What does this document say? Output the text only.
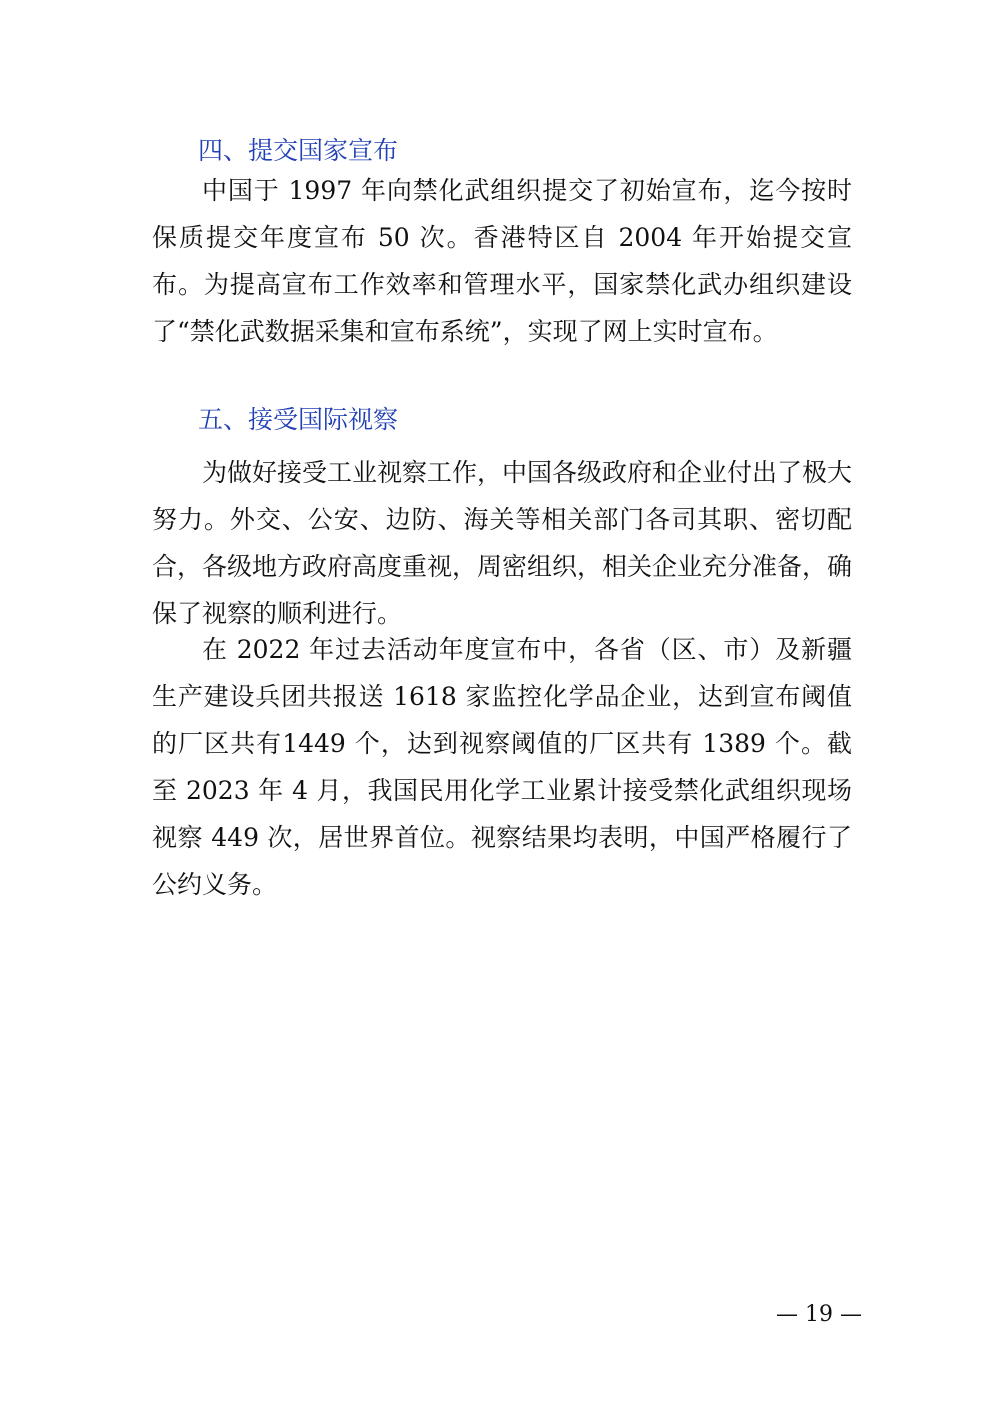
四、提交国家宣布

中国于 1997 年向禁化武组织提交了初始宣布，迄今按时保质提交年度宣布 50 次。香港特区自 2004 年开始提交宣布。为提高宣布工作效率和管理水平，国家禁化武办组织建设了“禁化武数据采集和宣布系统”，实现了网上实时宣布。

五、接受国际视察

为做好接受工业视察工作，中国各级政府和企业付出了极大努力。外交、公安、边防、海关等相关部门各司其职、密切配合，各级地方政府高度重视，周密组织，相关企业充分准备，确保了视察的顺利进行。

在 2022 年过去活动年度宣布中，各省（区、市）及新疆生产建设兵团共报送 1618 家监控化学品企业，达到宣布阈值的厂区共有1449 个，达到视察阈值的厂区共有 1389 个。截至 2023 年 4 月，我国民用化学工业累计接受禁化武组织现场视察 449 次，居世界首位。视察结果均表明，中国严格履行了公约义务。

— 19 —
